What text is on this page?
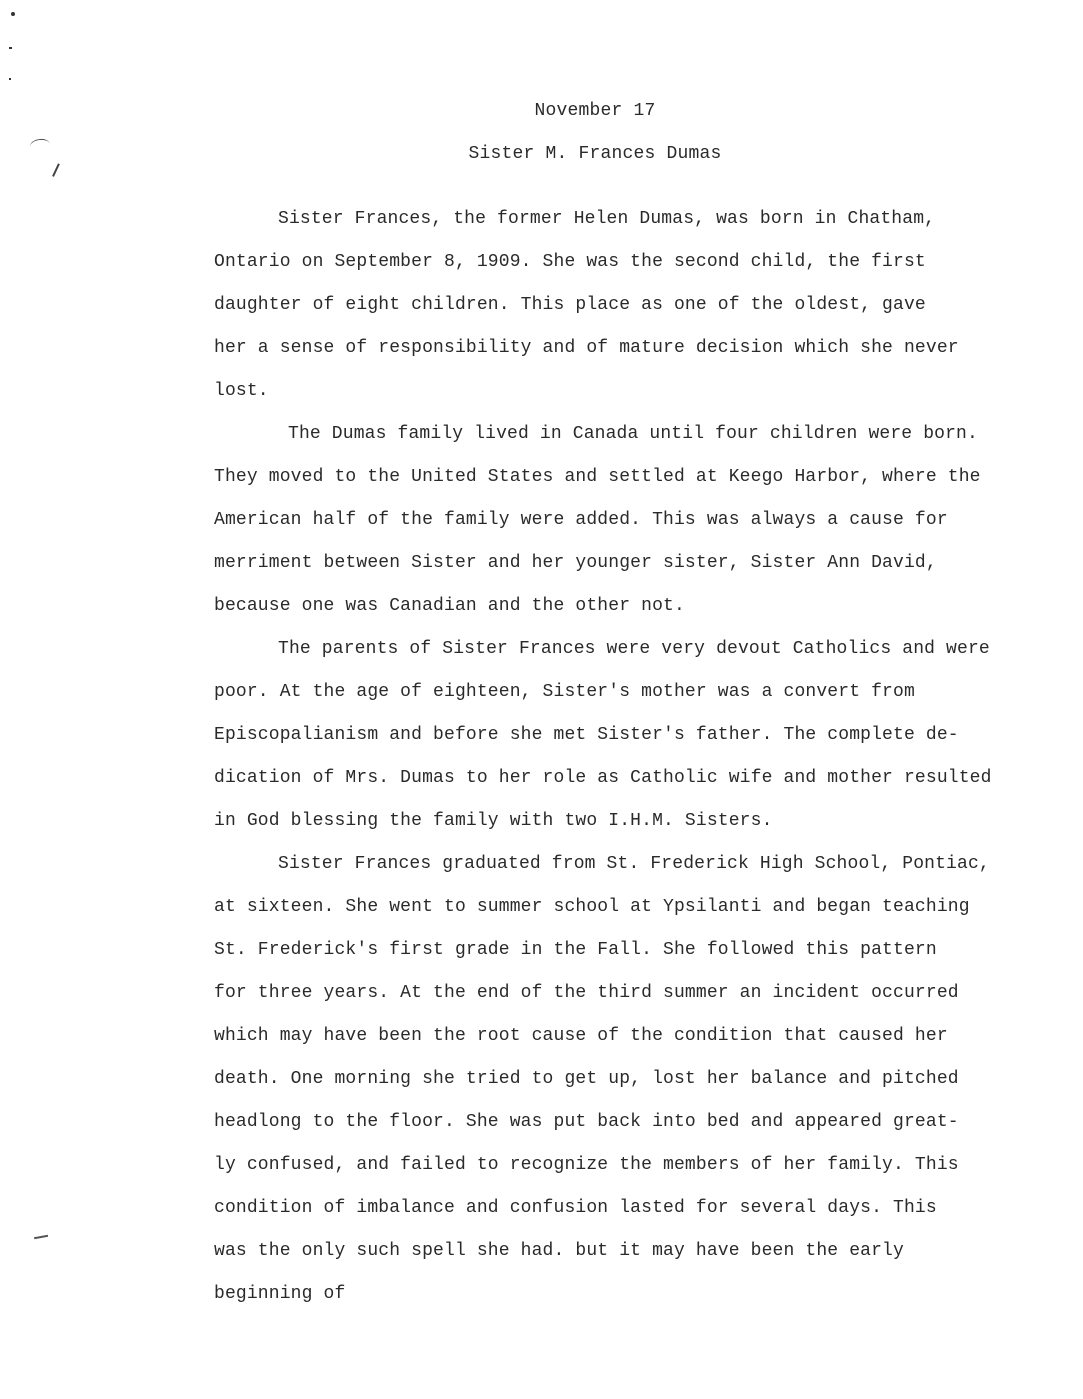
November 17
Sister M. Frances Dumas
Sister Frances, the former Helen Dumas, was born in Chatham,
Ontario on September 8, 1909. She was the second child, the first
daughter of eight children. This place as one of the oldest, gave
her a sense of responsibility and of mature decision which she never
lost.
The Dumas family lived in Canada until four children were born.
They moved to the United States and settled at Keego Harbor, where the
American half of the family were added. This was always a cause for
merriment between Sister and her younger sister, Sister Ann David,
because one was Canadian and the other not.
The parents of Sister Frances were very devout Catholics and were
poor. At the age of eighteen, Sister's mother was a convert from
Episcopalianism and before she met Sister's father. The complete de-
dication of Mrs. Dumas to her role as Catholic wife and mother resulted
in God blessing the family with two I.H.M. Sisters.
Sister Frances graduated from St. Frederick High School, Pontiac,
at sixteen. She went to summer school at Ypsilanti and began teaching
St. Frederick's first grade in the Fall. She followed this pattern
for three years. At the end of the third summer an incident occurred
which may have been the root cause of the condition that caused her
death. One morning she tried to get up, lost her balance and pitched
headlong to the floor. She was put back into bed and appeared great-
ly confused, and failed to recognize the members of her family. This
condition of imbalance and confusion lasted for several days. This
was the only such spell she had. but it may have been the early
beginning of
